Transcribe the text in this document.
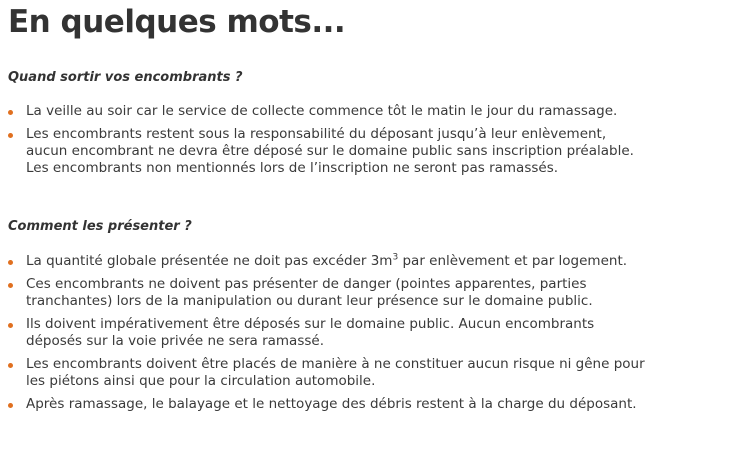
En quelques mots...
Quand sortir vos encombrants ?
La veille au soir car le service de collecte commence tôt le matin le jour du ramassage.
Les encombrants restent sous la responsabilité du déposant jusqu’à leur enlèvement,
aucun encombrant ne devra être déposé sur le domaine public sans inscription préalable.
Les encombrants non mentionnés lors de l’inscription ne seront pas ramassés.
Comment les présenter ?
La quantité globale présentée ne doit pas excéder $3m^3$ par enlèvement et par logement.
Ces encombrants ne doivent pas présenter de danger (pointes apparentes, parties
tranchantes) lors de la manipulation ou durant leur présence sur le domaine public.
Ils doivent impérativement être déposés sur le domaine public. Aucun encombrants
déposés sur la voie privée ne sera ramassé.
Les encombrants doivent être placés de manière à ne constituer aucun risque ni gêne pour
les piétons ainsi que pour la circulation automobile.
Après ramassage, le balayage et le nettoyage des débris restent à la charge du déposant.
